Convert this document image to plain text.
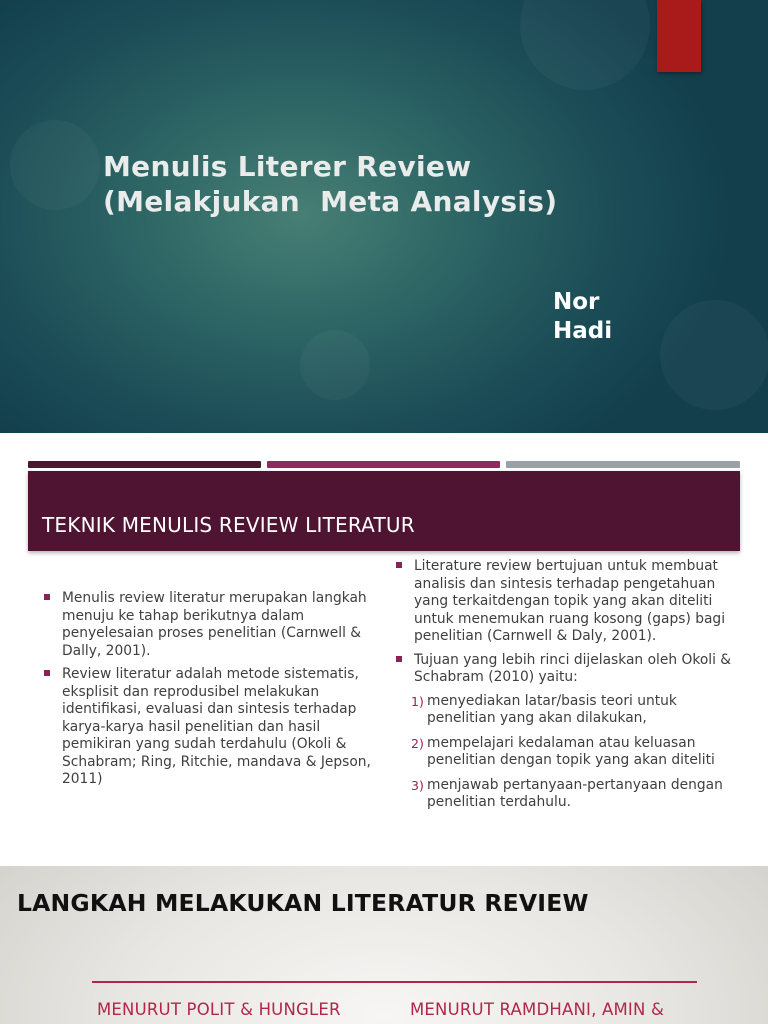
Menulis Literer Review
(Melakjukan  Meta Analysis)
Nor
Hadi
TEKNIK MENULIS REVIEW LITERATUR
Menulis review literatur merupakan langkah menuju ke tahap berikutnya dalam penyelesaian proses penelitian (Carnwell & Dally, 2001).
Review literatur adalah metode sistematis, eksplisit dan reprodusibel melakukan identifikasi, evaluasi dan sintesis terhadap karya-karya hasil penelitian dan hasil pemikiran yang sudah terdahulu (Okoli & Schabram; Ring, Ritchie, mandava & Jepson, 2011)
Literature review bertujuan untuk membuat analisis dan sintesis terhadap pengetahuan yang terkaitdengan topik yang akan diteliti untuk menemukan ruang kosong (gaps) bagi penelitian (Carnwell & Daly, 2001).
Tujuan yang lebih rinci dijelaskan oleh Okoli & Schabram (2010) yaitu:
1) menyediakan latar/basis teori untuk penelitian yang akan dilakukan,
2) mempelajari kedalaman atau keluasan penelitian dengan topik yang akan diteliti
3) menjawab pertanyaan-pertanyaan dengan penelitian terdahulu.
LANGKAH MELAKUKAN LITERATUR REVIEW
MENURUT POLIT & HUNGLER	MENURUT RAMDHANI, AMIN &
